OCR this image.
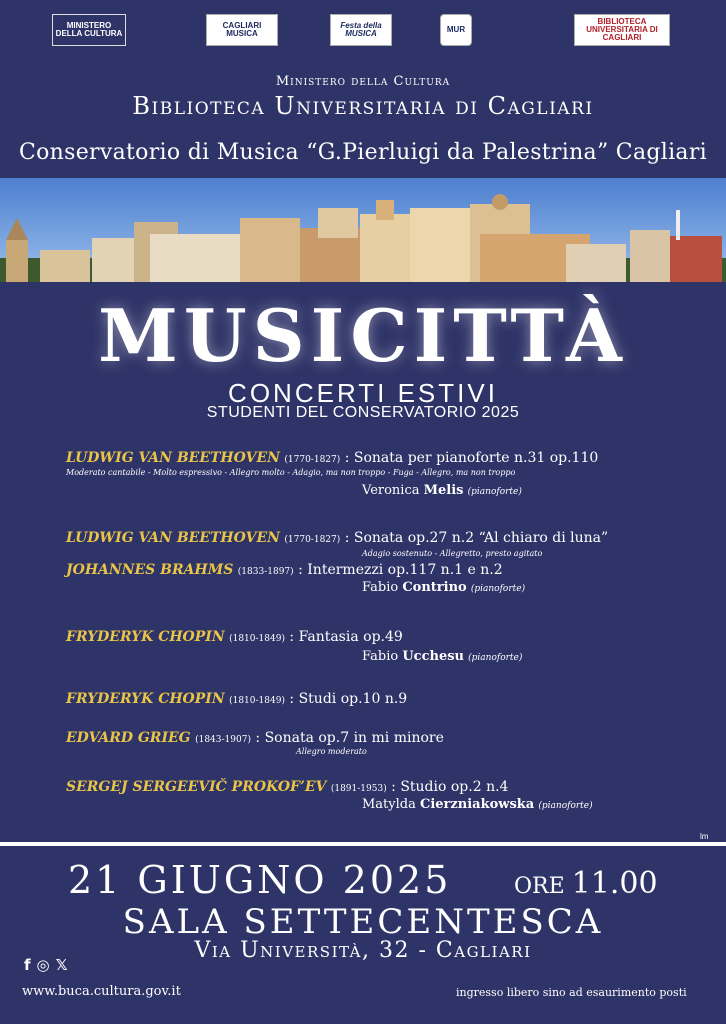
MINISTERO DELLA CULTURA
CAGLIARI MUSICA
Festa della MUSICA	MUR
BIBLIOTECA UNIVERSITARIA DI CAGLIARI
Ministero della Cultura
Biblioteca Universitaria di Cagliari
Conservatorio di Musica “G.Pierluigi da Palestrina” Cagliari
MUSICITTÀ
CONCERTI ESTIVI
STUDENTI DEL CONSERVATORIO 2025
LUDWIG VAN BEETHOVEN (1770-1827) : Sonata per pianoforte n.31 op.110
Moderato cantabile - Molto espressivo - Allegro molto - Adagio, ma non troppo - Fuga - Allegro, ma non troppo
Veronica Melis (pianoforte)
LUDWIG VAN BEETHOVEN (1770-1827) : Sonata op.27 n.2 “Al chiaro di luna”
Adagio sostenuto - Allegretto, presto agitato
JOHANNES BRAHMS (1833-1897) : Intermezzi op.117 n.1 e n.2
Fabio Contrino (pianoforte)
FRYDERYK CHOPIN (1810-1849) : Fantasia op.49
Fabio Ucchesu (pianoforte)
FRYDERYK CHOPIN (1810-1849) : Studi op.10 n.9
EDVARD GRIEG (1843-1907) : Sonata op.7 in mi minore
Allegro moderato
SERGEJ SERGEEVIČ PROKOF’EV (1891-1953) : Studio op.2 n.4
Matylda Cierzniakowska (pianoforte)
lm
21 GIUGNO 2025	ORE 11.00
SALA SETTECENTESCA
Via Università, 32 - Cagliari
f ◎ 𝕏
www.buca.cultura.gov.it	ingresso libero sino ad esaurimento posti
